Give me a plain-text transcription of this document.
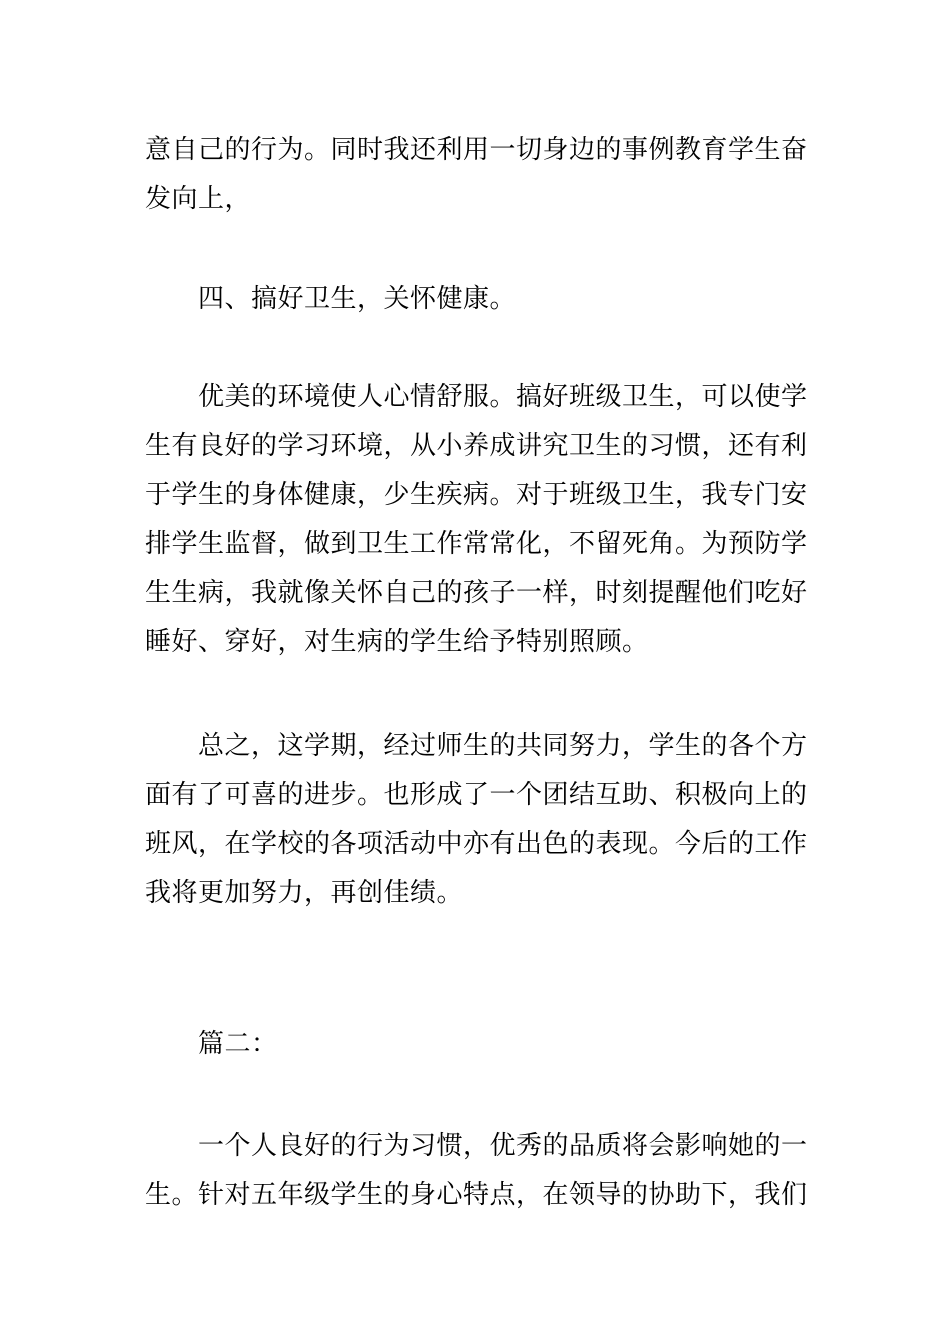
意自己的行为。同时我还利用一切身边的事例教育学生奋
发向上，

四、搞好卫生，关怀健康。

优美的环境使人心情舒服。搞好班级卫生，可以使学
生有良好的学习环境，从小养成讲究卫生的习惯，还有利
于学生的身体健康，少生疾病。对于班级卫生，我专门安
排学生监督，做到卫生工作常常化，不留死角。为预防学
生生病，我就像关怀自己的孩子一样，时刻提醒他们吃好
睡好、穿好，对生病的学生给予特别照顾。

总之，这学期，经过师生的共同努力，学生的各个方
面有了可喜的进步。也形成了一个团结互助、积极向上的
班风，在学校的各项活动中亦有出色的表现。今后的工作
我将更加努力，再创佳绩。

篇二：

一个人良好的行为习惯，优秀的品质将会影响她的一
生。针对五年级学生的身心特点，在领导的协助下，我们
